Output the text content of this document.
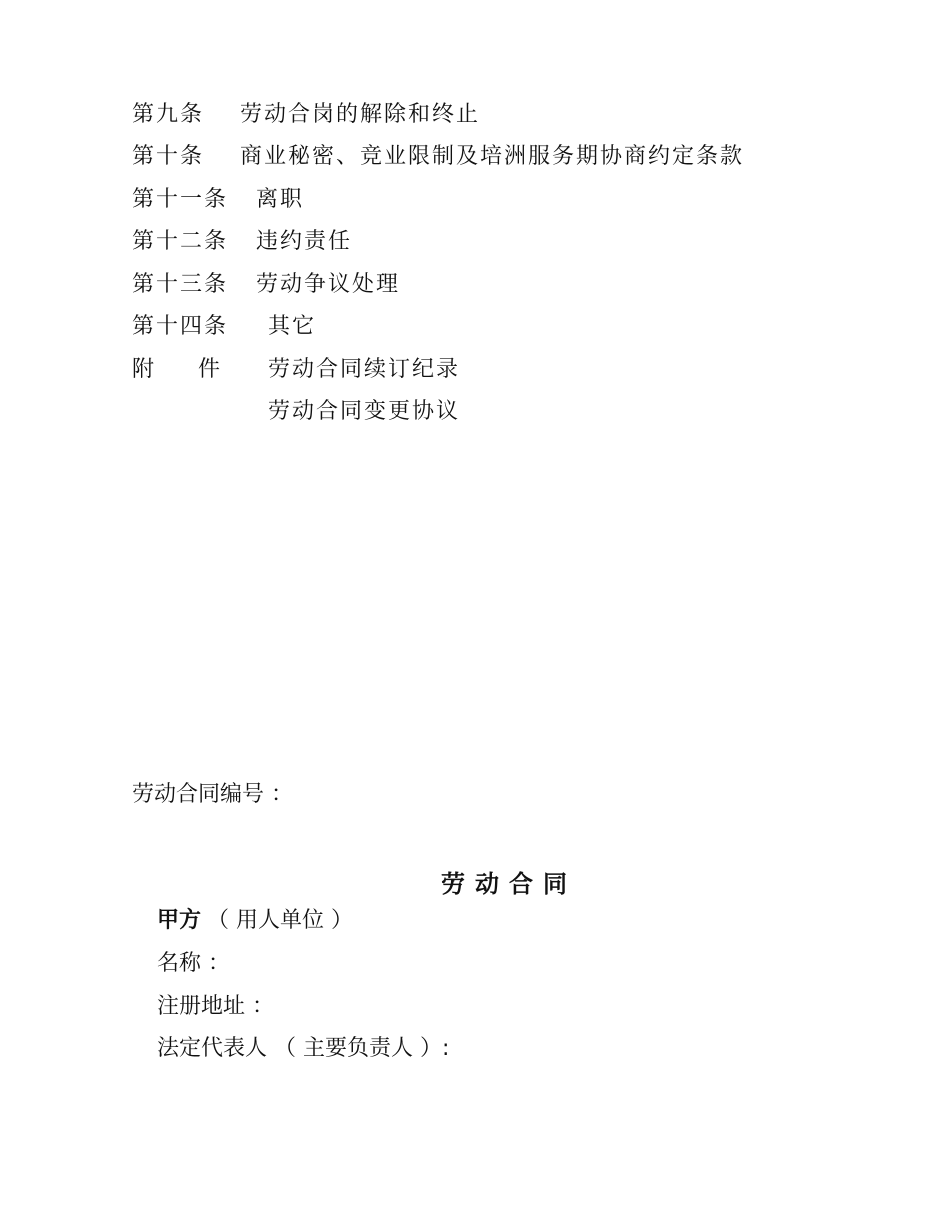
第九条 劳动合岗的解除和终止
第十条 商业秘密、竞业限制及培洲服务期协商约定条款
第十一条 离职
第十二条 违约责任
第十三条 劳动争议处理
第十四条 其它
附　　件 劳动合同续订纪录
劳动合同变更协议
劳动合同编号 ：
劳动合同
甲方 （ 用人单位 ）
名称 ：
注册地址 ：
法定代表人 （ 主要负责人 ）:
